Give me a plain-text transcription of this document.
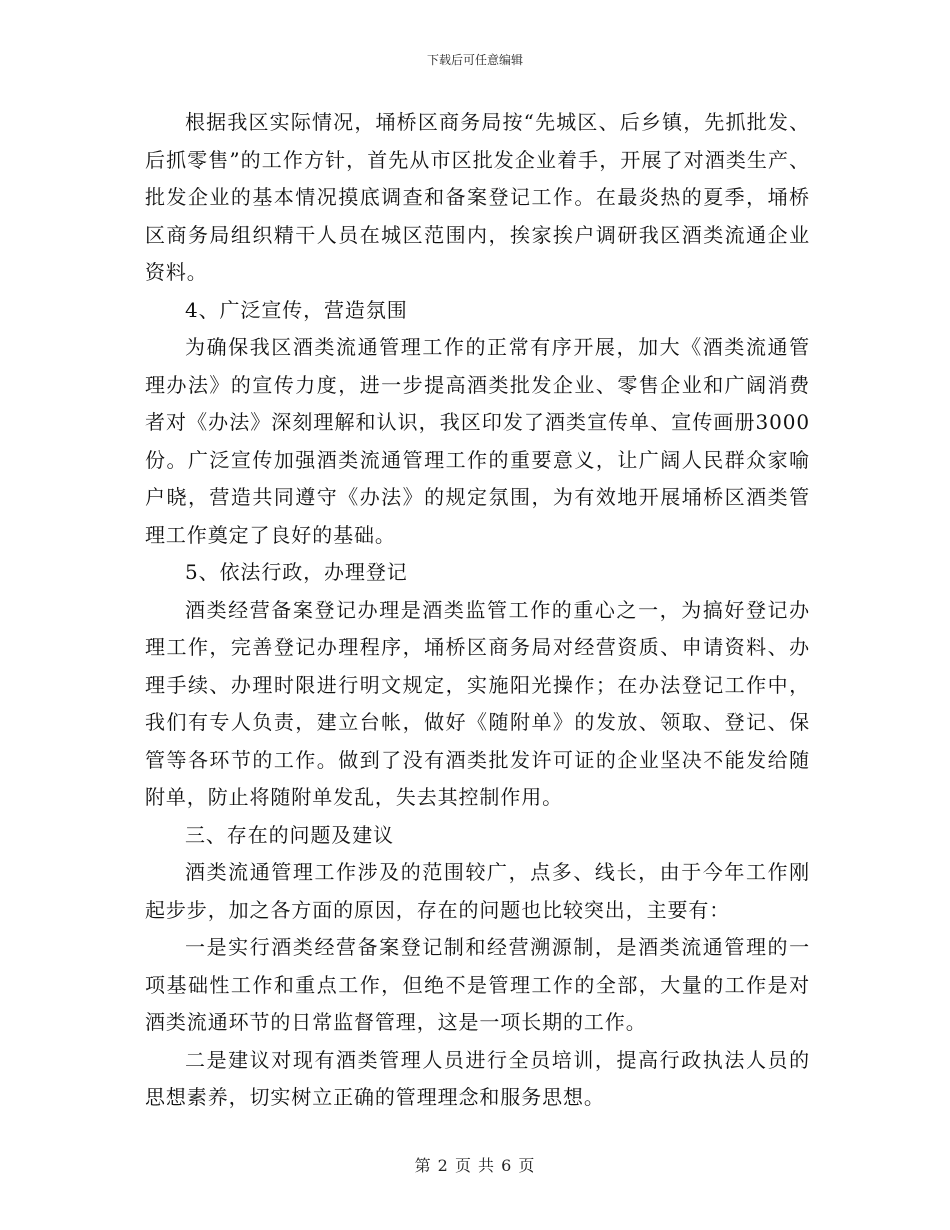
下载后可任意编辑

根据我区实际情况，埇桥区商务局按“先城区、后乡镇，先抓批发、后抓零售”的工作方针，首先从市区批发企业着手，开展了对酒类生产、批发企业的基本情况摸底调查和备案登记工作。在最炎热的夏季，埇桥区商务局组织精干人员在城区范围内，挨家挨户调研我区酒类流通企业资料。

4、广泛宣传，营造氛围

为确保我区酒类流通管理工作的正常有序开展，加大《酒类流通管理办法》的宣传力度，进一步提高酒类批发企业、零售企业和广阔消费者对《办法》深刻理解和认识，我区印发了酒类宣传单、宣传画册3000份。广泛宣传加强酒类流通管理工作的重要意义，让广阔人民群众家喻户晓，营造共同遵守《办法》的规定氛围，为有效地开展埇桥区酒类管理工作奠定了良好的基础。

5、依法行政，办理登记

酒类经营备案登记办理是酒类监管工作的重心之一，为搞好登记办理工作，完善登记办理程序，埇桥区商务局对经营资质、申请资料、办理手续、办理时限进行明文规定，实施阳光操作；在办法登记工作中，我们有专人负责，建立台帐，做好《随附单》的发放、领取、登记、保管等各环节的工作。做到了没有酒类批发许可证的企业坚决不能发给随附单，防止将随附单发乱，失去其控制作用。

三、存在的问题及建议

酒类流通管理工作涉及的范围较广，点多、线长，由于今年工作刚起步步，加之各方面的原因，存在的问题也比较突出，主要有：

一是实行酒类经营备案登记制和经营溯源制，是酒类流通管理的一项基础性工作和重点工作，但绝不是管理工作的全部，大量的工作是对酒类流通环节的日常监督管理，这是一项长期的工作。

二是建议对现有酒类管理人员进行全员培训，提高行政执法人员的思想素养，切实树立正确的管理理念和服务思想。

第 2 页 共 6 页
